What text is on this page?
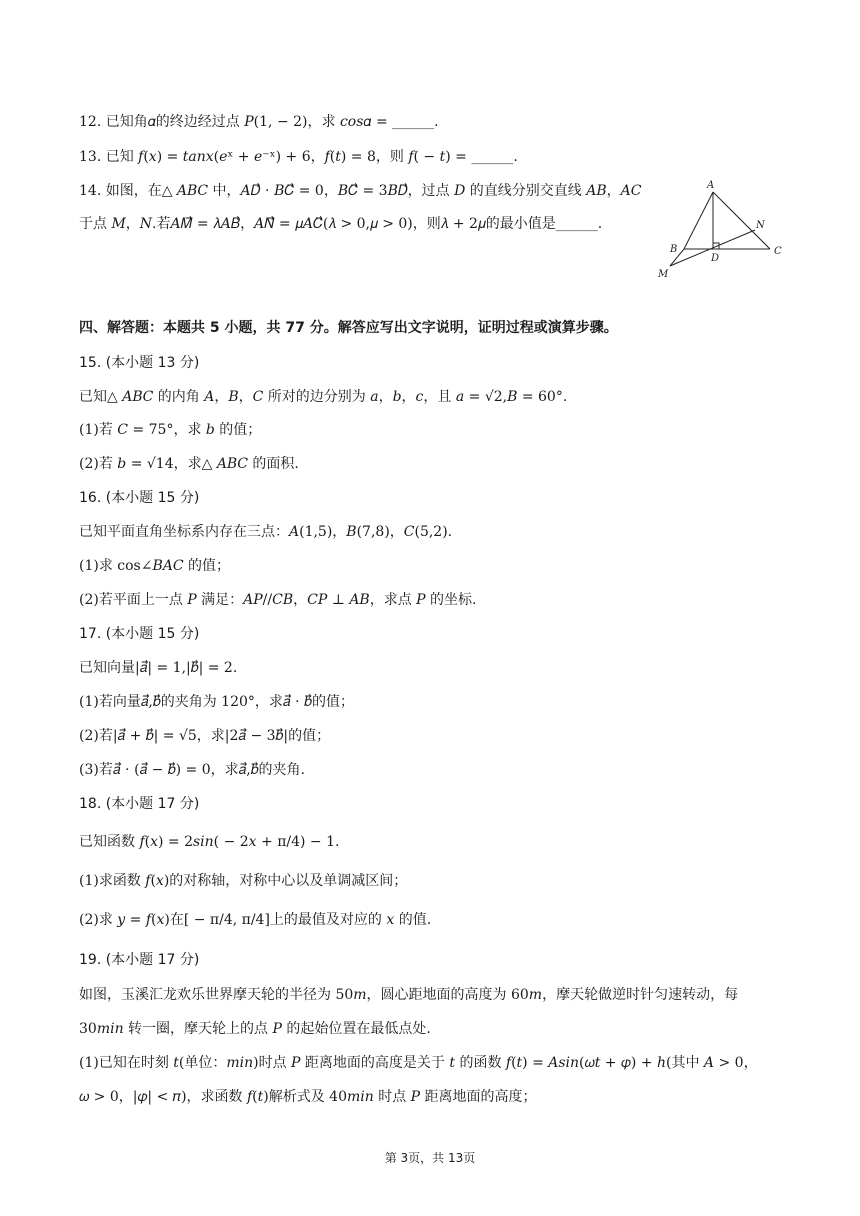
12. 已知角𝛼的终边经过点 𝑃(1, − 2)，求 𝑐𝑜𝑠𝛼 = ______.
13. 已知 𝑓(𝑥) = 𝑡𝑎𝑛𝑥(𝑒ˣ + 𝑒⁻ˣ) + 6，𝑓(𝑡) = 8，则 𝑓( − 𝑡) = ______.
14. 如图，在△ 𝐴𝐵𝐶 中，𝐴𝐷⃗ ⋅ 𝐵𝐶⃗ = 0，𝐵𝐶⃗ = 3𝐵𝐷⃗，过点 𝐷 的直线分别交直线 𝐴𝐵，𝐴𝐶
于点 𝑀，𝑁.若𝐴𝑀⃗ = 𝜆𝐴𝐵⃗，𝐴𝑁⃗ = 𝜇𝐴𝐶⃗(𝜆 > 0,𝜇 > 0)，则𝜆 + 2𝜇的最小值是______.
A
B	C
D
M
N
四、解答题：本题共 5 小题，共 77 分。解答应写出文字说明，证明过程或演算步骤。
15. (本小题 13 分)
已知△ 𝐴𝐵𝐶 的内角 𝐴，𝐵，𝐶 所对的边分别为 𝑎，𝑏，𝑐，且 𝑎 = √2,𝐵 = 60°.
(1)若 𝐶 = 75°，求 𝑏 的值；
(2)若 𝑏 = √14，求△ 𝐴𝐵𝐶 的面积.
16. (本小题 15 分)
已知平面直角坐标系内存在三点：𝐴(1,5)，𝐵(7,8)，𝐶(5,2).
(1)求 cos∠𝐵𝐴𝐶 的值；
(2)若平面上一点 𝑃 满足：𝐴𝑃//𝐶𝐵，𝐶𝑃 ⊥ 𝐴𝐵，求点 𝑃 的坐标.
17. (本小题 15 分)
已知向量|𝑎⃗| = 1,|𝑏⃗| = 2.
(1)若向量𝑎⃗,𝑏⃗的夹角为 120°，求𝑎⃗ ⋅ 𝑏⃗的值；
(2)若|𝑎⃗ + 𝑏⃗| = √5，求|2𝑎⃗ − 3𝑏⃗|的值；
(3)若𝑎⃗ ⋅ (𝑎⃗ − 𝑏⃗) = 0，求𝑎⃗,𝑏⃗的夹角.
18. (本小题 17 分)
已知函数 𝑓(𝑥) = 2𝑠𝑖𝑛( − 2𝑥 + π/4) − 1.
(1)求函数 𝑓(𝑥)的对称轴，对称中心以及单调减区间；
(2)求 𝑦 = 𝑓(𝑥)在[ − π/4, π/4]上的最值及对应的 𝑥 的值.
19. (本小题 17 分)
如图，玉溪汇龙欢乐世界摩天轮的半径为 50𝑚，圆心距地面的高度为 60𝑚，摩天轮做逆时针匀速转动，每
30𝑚𝑖𝑛 转一圈，摩天轮上的点 𝑃 的起始位置在最低点处.
(1)已知在时刻 𝑡(单位：𝑚𝑖𝑛)时点 𝑃 距离地面的高度是关于 𝑡 的函数 𝑓(𝑡) = 𝐴𝑠𝑖𝑛(𝜔𝑡 + 𝜑) + ℎ(其中 𝐴 > 0，
𝜔 > 0，|𝜑| < 𝜋)，求函数 𝑓(𝑡)解析式及 40𝑚𝑖𝑛 时点 𝑃 距离地面的高度；
第 3页，共 13页
